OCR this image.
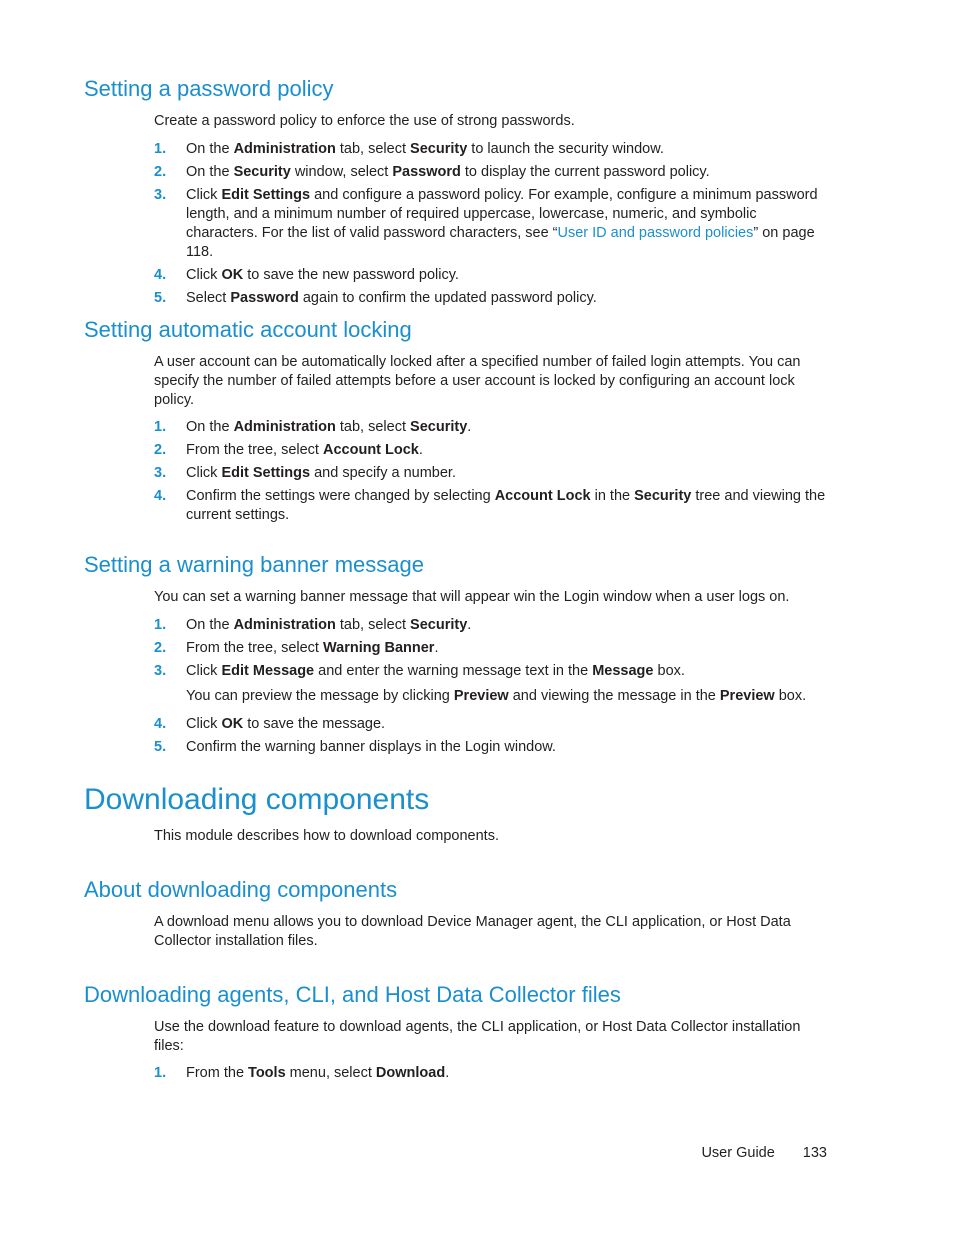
Setting a password policy

Create a password policy to enforce the use of strong passwords.

1.	On the Administration tab, select Security to launch the security window.
2.	On the Security window, select Password to display the current password policy.
3.	Click Edit Settings and configure a password policy. For example, configure a minimum password length, and a minimum number of required uppercase, lowercase, numeric, and symbolic characters. For the list of valid password characters, see “User ID and password policies” on page 118.
4.	Click OK to save the new password policy.
5.	Select Password again to confirm the updated password policy.
Setting automatic account locking

A user account can be automatically locked after a specified number of failed login attempts. You can specify the number of failed attempts before a user account is locked by configuring an account lock policy.

1.	On the Administration tab, select Security.
2.	From the tree, select Account Lock.
3.	Click Edit Settings and specify a number.
4.	Confirm the settings were changed by selecting Account Lock in the Security tree and viewing the current settings.
Setting a warning banner message

You can set a warning banner message that will appear win the Login window when a user logs on.

1.	On the Administration tab, select Security.
2.	From the tree, select Warning Banner.
3.	Click Edit Message and enter the warning message text in the Message box.
You can preview the message by clicking Preview and viewing the message in the Preview box.
4.	Click OK to save the message.
5.	Confirm the warning banner displays in the Login window.
Downloading components

This module describes how to download components.

About downloading components

A download menu allows you to download Device Manager agent, the CLI application, or Host Data Collector installation files.

Downloading agents, CLI, and Host Data Collector files

Use the download feature to download agents, the CLI application, or Host Data Collector installation files:

1.	From the Tools menu, select Download.
User Guide 133
